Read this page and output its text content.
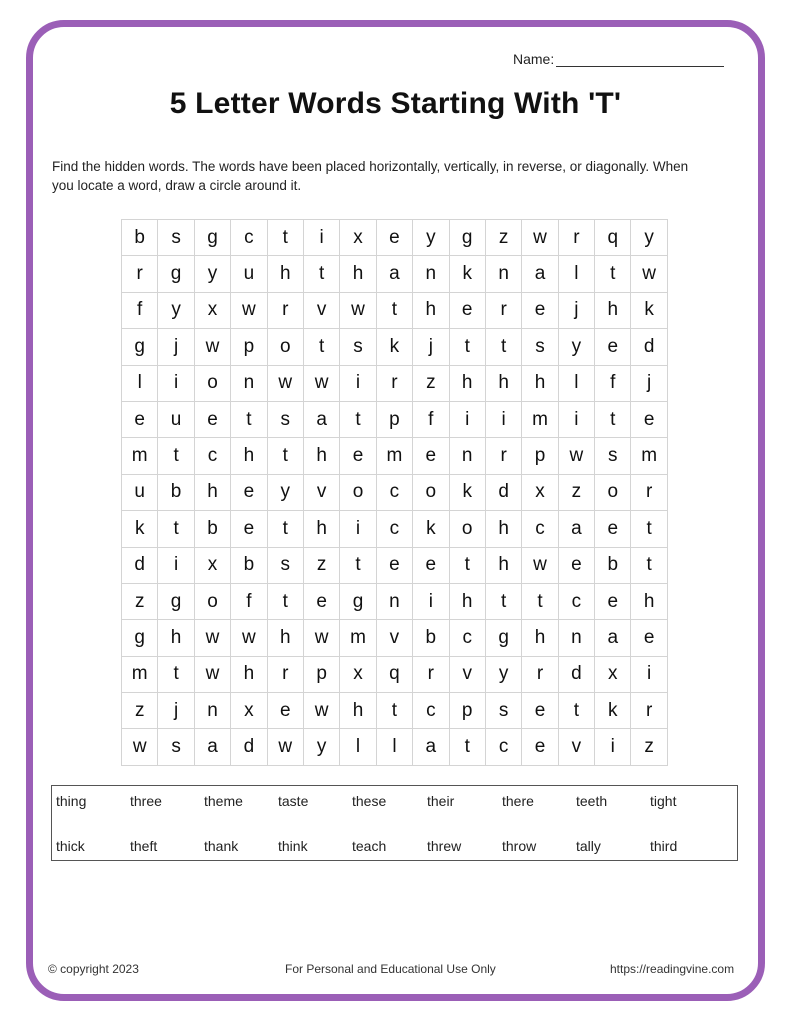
Name:
5 Letter Words Starting With 'T'
Find the hidden words. The words have been placed horizontally, vertically, in reverse, or diagonally. When you locate a word, draw a circle around it.
b	s	g	c	t	i	x	e	y	g	z	w	r	q	y
r	g	y	u	h	t	h	a	n	k	n	a	l	t	w
f	y	x	w	r	v	w	t	h	e	r	e	j	h	k
g	j	w	p	o	t	s	k	j	t	t	s	y	e	d
l	i	o	n	w	w	i	r	z	h	h	h	l	f	j
e	u	e	t	s	a	t	p	f	i	i	m	i	t	e
m	t	c	h	t	h	e	m	e	n	r	p	w	s	m
u	b	h	e	y	v	o	c	o	k	d	x	z	o	r
k	t	b	e	t	h	i	c	k	o	h	c	a	e	t
d	i	x	b	s	z	t	e	e	t	h	w	e	b	t
z	g	o	f	t	e	g	n	i	h	t	t	c	e	h
g	h	w	w	h	w	m	v	b	c	g	h	n	a	e
m	t	w	h	r	p	x	q	r	v	y	r	d	x	i
z	j	n	x	e	w	h	t	c	p	s	e	t	k	r
w	s	a	d	w	y	l	l	a	t	c	e	v	i	z
thing	three	theme	taste	these	their	there	teeth	tight
thick	theft	thank	think	teach	threw	throw	tally	third
© copyright 2023	For Personal and Educational Use Only	https://readingvine.com
